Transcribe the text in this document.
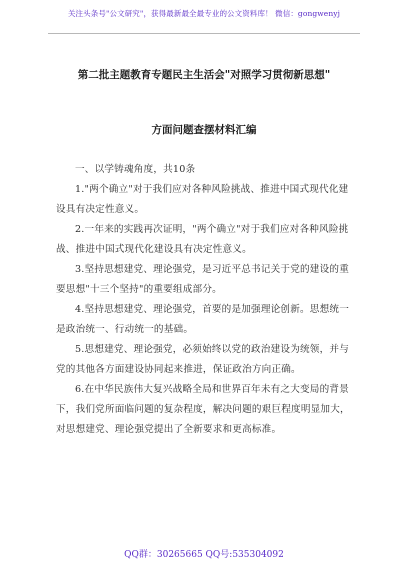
关注头条号"公文研究"，获得最新最全最专业的公文资料库！ 微信：gongwenyj
第二批主题教育专题民主生活会"对照学习贯彻新思想"
方面问题查摆材料汇编

一、以学铸魂角度，共10条

1."两个确立"对于我们应对各种风险挑战、推进中国式现代化建设具有决定性意义。

2.一年来的实践再次证明，"两个确立"对于我们应对各种风险挑战、推进中国式现代化建设具有决定性意义。

3.坚持思想建党、理论强党，是习近平总书记关于党的建设的重要思想"十三个坚持"的重要组成部分。

4.坚持思想建党、理论强党，首要的是加强理论创新。思想统一是政治统一、行动统一的基础。

5.思想建党、理论强党，必须始终以党的政治建设为统领，并与党的其他各方面建设协同起来推进，保证政治方向正确。

6.在中华民族伟大复兴战略全局和世界百年未有之大变局的背景下，我们党所面临问题的复杂程度，解决问题的艰巨程度明显加大，对思想建党、理论强党提出了全新要求和更高标准。

QQ群：30265665 QQ号:535304092
